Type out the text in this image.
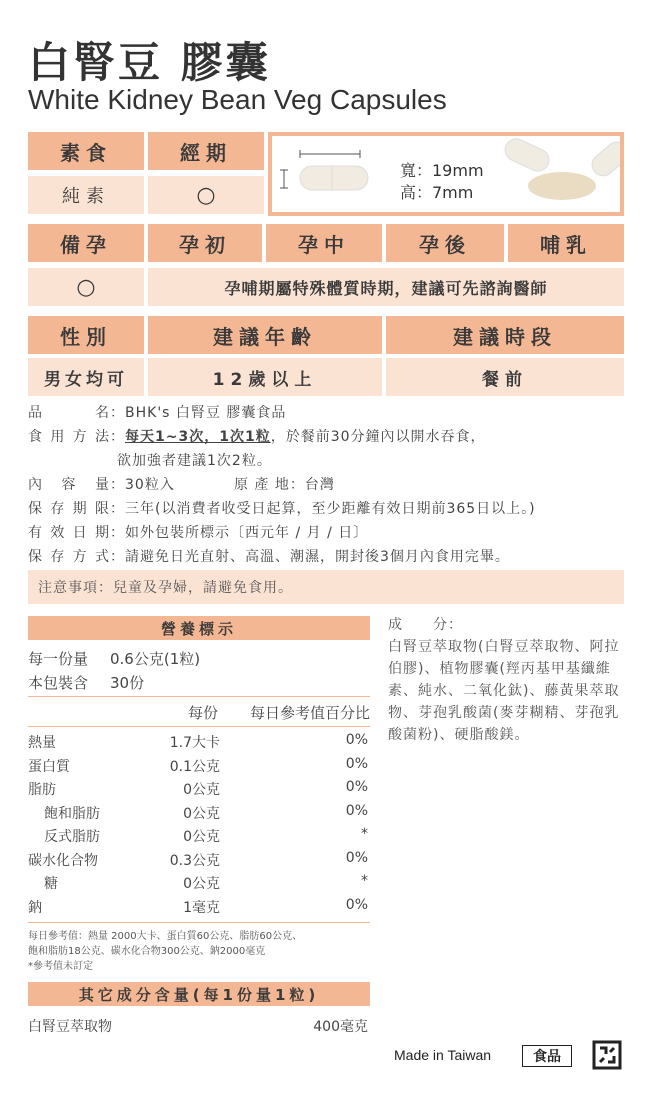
白腎豆 膠囊
White Kidney Bean Veg Capsules
素食	經期
純素	○
寬：19mm
高：7mm
備孕	孕初	孕中	孕後	哺乳
○	孕哺期屬特殊體質時期，建議可先諮詢醫師
性別	建議年齡	建議時段
男女均可	12歲以上	餐前
品　　名：BHK's 白腎豆 膠囊食品
食用方法：每天1~3次，1次1粒，於餐前30分鐘內以開水吞食，
欲加強者建議1次2粒。
內 容 量：30粒入	原 產 地：台灣
保存期限：三年(以消費者收受日起算，至少距離有效日期前365日以上。)
有效日期：如外包裝所標示〔西元年 / 月 / 日〕
保存方式：請避免日光直射、高溫、潮濕，開封後3個月內食用完畢。
注意事項：兒童及孕婦，請避免食用。
營養標示
每一份量 0.6公克(1粒)
本包裝含 30份
每份 每日參考值百分比
熱量	1.7大卡	0%
蛋白質	0.1公克	0%
脂肪	0公克	0%
飽和脂肪	0公克	0%
反式脂肪	0公克	*
碳水化合物	0.3公克	0%
糖	0公克	*
鈉	1毫克	0%
每日參考值：熱量 2000大卡、蛋白質60公克、脂肪60公克、
飽和脂肪18公克、碳水化合物300公克、鈉2000毫克
*參考值未訂定
其它成分含量(每1份量1粒)
白腎豆萃取物	400毫克
成　　分：
白腎豆萃取物(白腎豆萃取物、阿拉伯膠)、植物膠囊(羥丙基甲基纖維素、純水、二氧化鈦)、藤黃果萃取物、芽孢乳酸菌(麥芽糊精、芽孢乳酸菌粉)、硬脂酸鎂。
Made in Taiwan	食品
